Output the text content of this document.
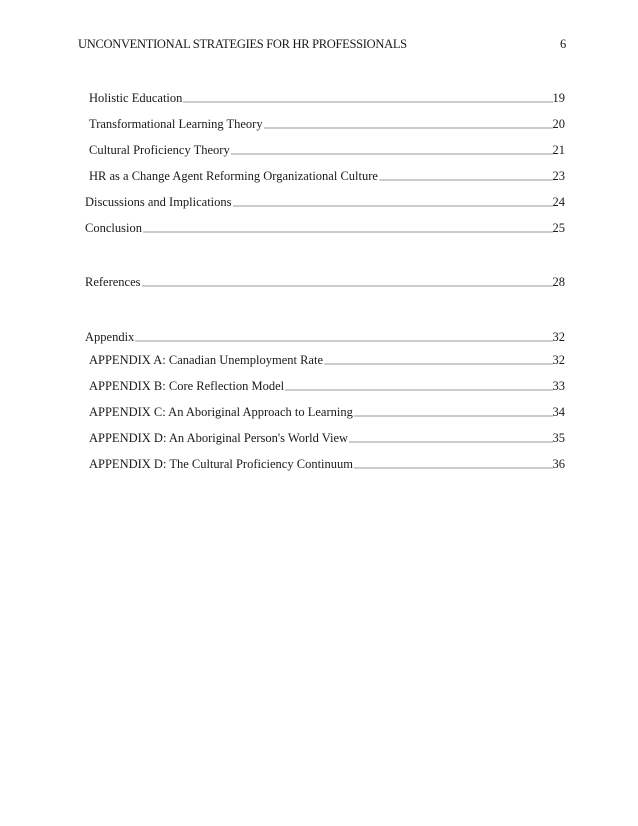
UNCONVENTIONAL STRATEGIES FOR HR PROFESSIONALS	6
Holistic Education	19
Transformational Learning Theory	20
Cultural Proficiency Theory	21
HR as a Change Agent Reforming Organizational Culture	23
Discussions and Implications	24
Conclusion	25
References	28
Appendix	32
APPENDIX A: Canadian Unemployment Rate	32
APPENDIX B: Core Reflection Model	33
APPENDIX C: An Aboriginal Approach to Learning	34
APPENDIX D: An Aboriginal Person's World View	35
APPENDIX D: The Cultural Proficiency Continuum	36
